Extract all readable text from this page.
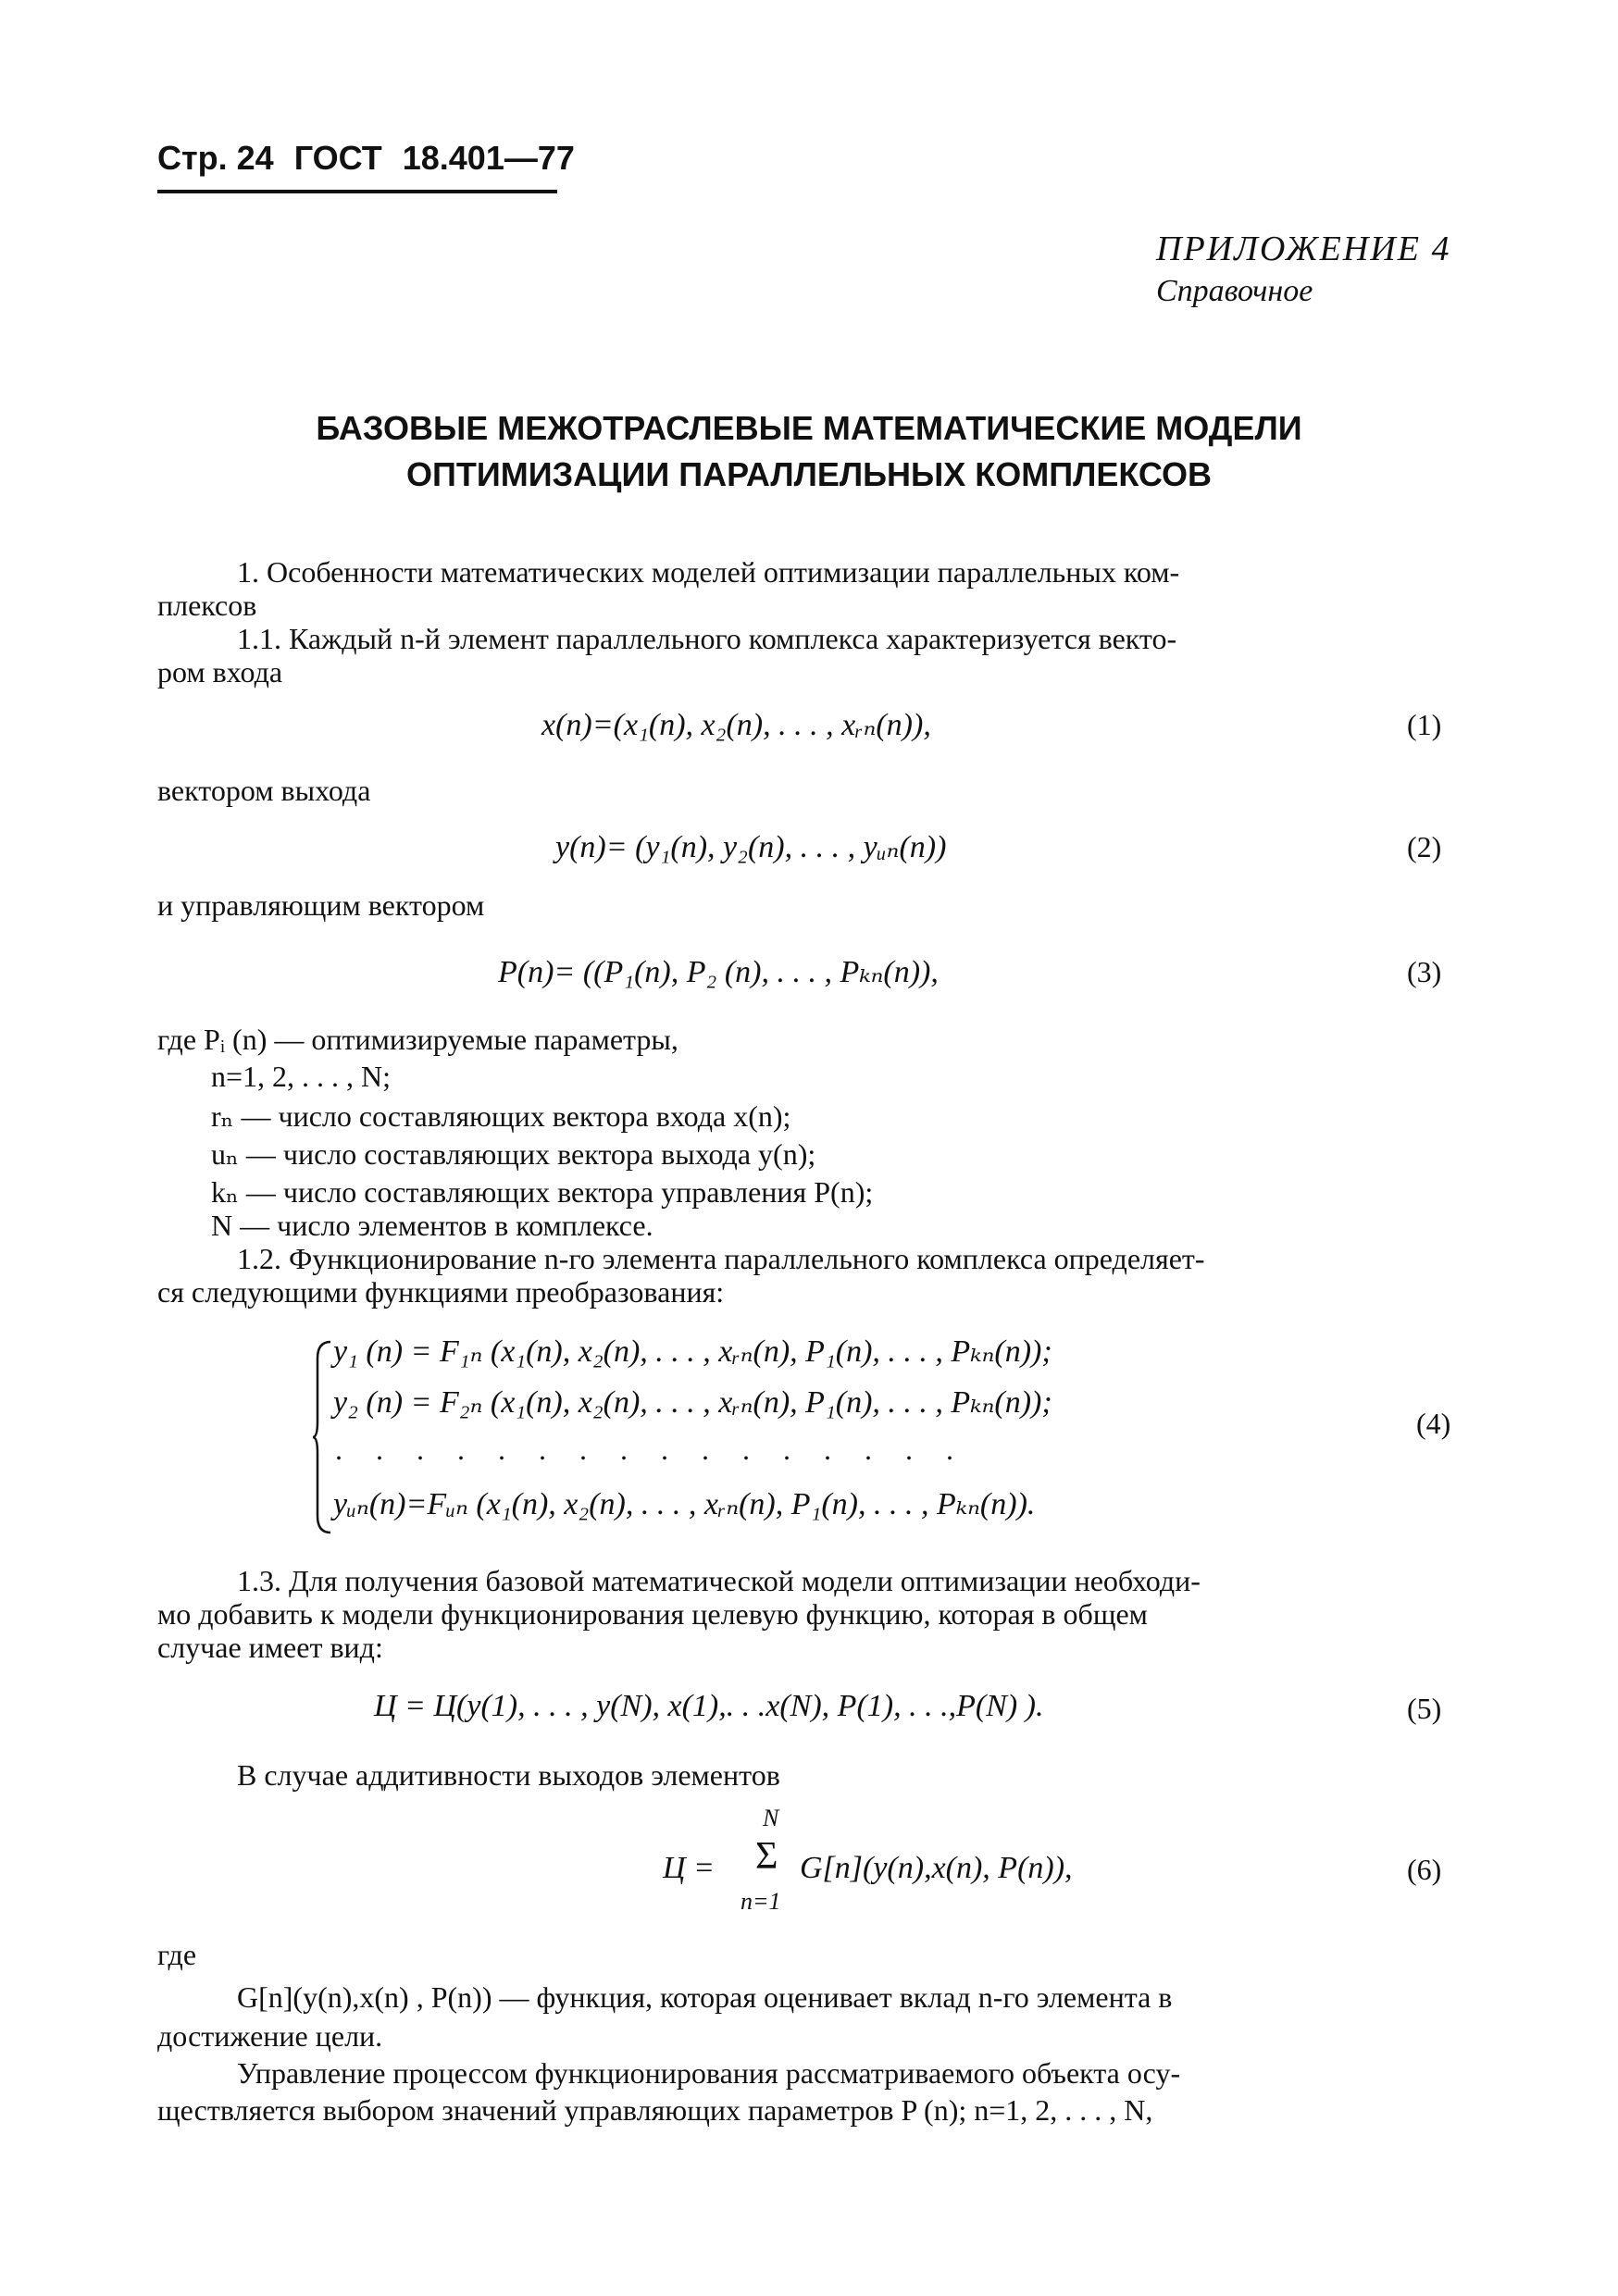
Стр. 24 ГОСТ 18.401—77
ПРИЛОЖЕНИЕ 4
Справочное
БАЗОВЫЕ МЕЖОТРАСЛЕВЫЕ МАТЕМАТИЧЕСКИЕ МОДЕЛИ
ОПТИМИЗАЦИИ ПАРАЛЛЕЛЬНЫХ КОМПЛЕКСОВ
1. Особенности математических моделей оптимизации параллельных ком-
плексов
1.1. Каждый n-й элемент параллельного комплекса характеризуется векто-
ром входа
x(n)=(x₁(n), x₂(n), . . . , xᵣₙ(n)),	(1)
вектором выхода
y(n)= (y₁(n), y₂(n), . . . , yᵤₙ(n))	(2)
и управляющим вектором
P(n)= ((P₁(n), P₂ (n), . . . , Pₖₙ(n)),	(3)
где Pᵢ (n) — оптимизируемые параметры,
n=1, 2, . . . , N;
rₙ — число составляющих вектора входа x(n);
uₙ — число составляющих вектора выхода y(n);
kₙ — число составляющих вектора управления P(n);
N — число элементов в комплексе.
1.2. Функционирование n-го элемента параллельного комплекса определяет-
ся следующими функциями преобразования:
y₁ (n) = F₁ₙ (x₁(n), x₂(n), . . . , xᵣₙ(n), P₁(n), . . . , Pₖₙ(n));
y₂ (n) = F₂ₙ (x₁(n), x₂(n), . . . , xᵣₙ(n), P₁(n), . . . , Pₖₙ(n));
. . . . . . . . . . . . . . . .
yᵤₙ(n)=Fᵤₙ (x₁(n), x₂(n), . . . , xᵣₙ(n), P₁(n), . . . , Pₖₙ(n)).
(4)
1.3. Для получения базовой математической модели оптимизации необходи-
мо добавить к модели функционирования целевую функцию, которая в общем
случае имеет вид:
Ц = Ц(y(1), . . . , y(N), x(1),. . .x(N), P(1), . . .,P(N) ).	(5)
В случае аддитивности выходов элементов
Ц =
N
Σ
n=1
G[n](y(n),x(n), P(n)),	(6)
где
G[n](y(n),x(n) , P(n)) — функция, которая оценивает вклад n-го элемента в
достижение цели.
Управление процессом функционирования рассматриваемого объекта осу-
ществляется выбором значений управляющих параметров P (n); n=1, 2, . . . , N,
